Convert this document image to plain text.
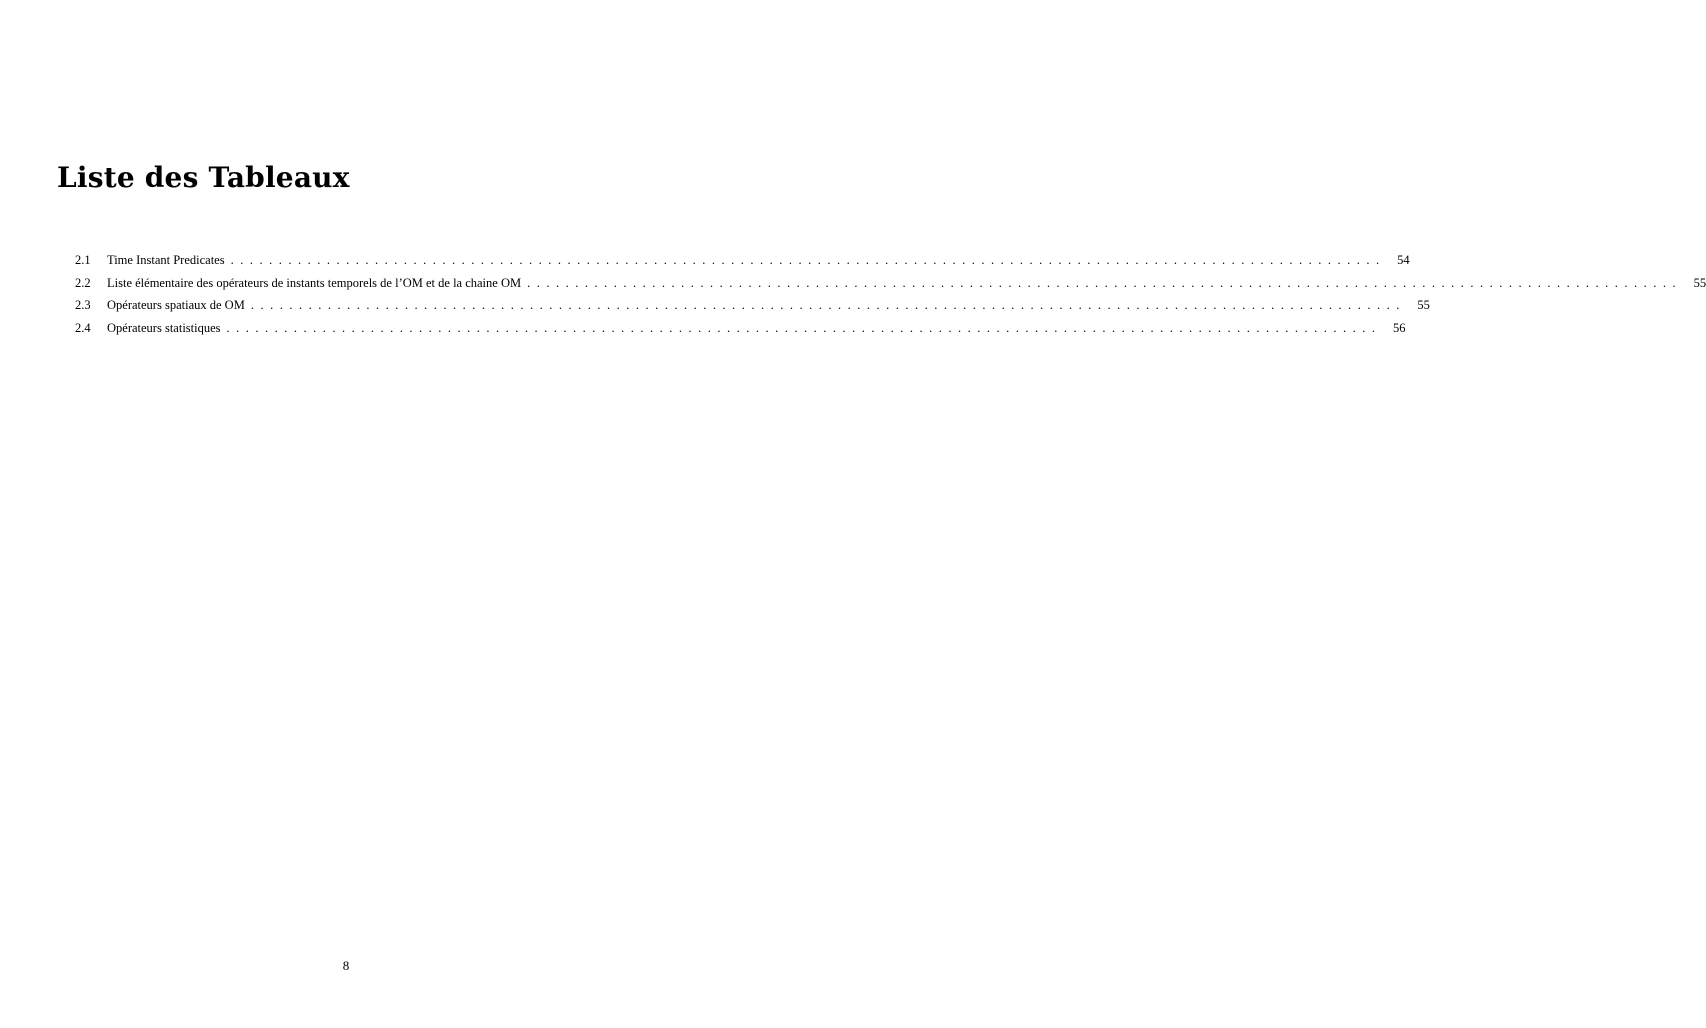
Liste des Tableaux
2.1	Time Instant Predicates ........................................................................................................................ 54
2.2	Liste élémentaire des opérateurs de instants temporels de l’OM et de la chaine OM ........................................................................................................................ 55
2.3	Opérateurs spatiaux de OM ........................................................................................................................ 55
2.4	Opérateurs statistiques ........................................................................................................................ 56
8
